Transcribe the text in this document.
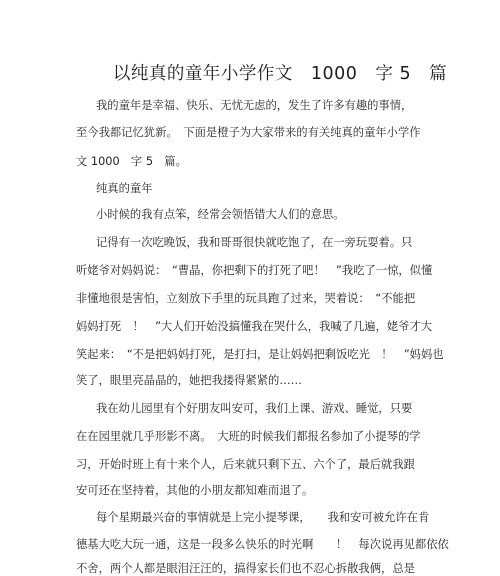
以纯真的童年小学作文　1000　字 5　篇
我的童年是幸福、快乐、无忧无虑的，发生了许多有趣的事情，
至今我都记忆犹新。　下面是橙子为大家带来的有关纯真的童年小学作
文 1000　字 5　篇。
纯真的童年
小时候的我有点笨，经常会领悟错大人们的意思。
记得有一次吃晚饭，我和哥哥很快就吃饱了，在一旁玩耍着。只
听姥爷对妈妈说：　“曹晶，你把剩下的打死了吧！　”我吃了一惊，似懂
非懂地很是害怕，立刻放下手里的玩具跑了过来，哭着说：　“不能把
妈妈打死　！　”大人们开始没搞懂我在哭什么，我喊了几遍，姥爷才大
笑起来：　“不是把妈妈打死，是打扫，是让妈妈把剩饭吃光　！　”妈妈也
笑了，眼里亮晶晶的，她把我搂得紧紧的……
我在幼儿园里有个好朋友叫安可，我们上课、游戏、睡觉，只要
在在园里就几乎形影不离。　大班的时候我们都报名参加了小提琴的学
习，开始时班上有十来个人，后来就只剩下五、六个了，最后就我跟
安可还在坚持着，其他的小朋友都知难而退了。
每个星期最兴奋的事情就是上完小提琴课，　　我和安可被允许在肯
德基大吃大玩一通，这是一段多么快乐的时光啊　　！　每次说再见都依依
不舍，两个人都是眼泪汪汪的，搞得家长们也不忍心拆散我俩，总是
